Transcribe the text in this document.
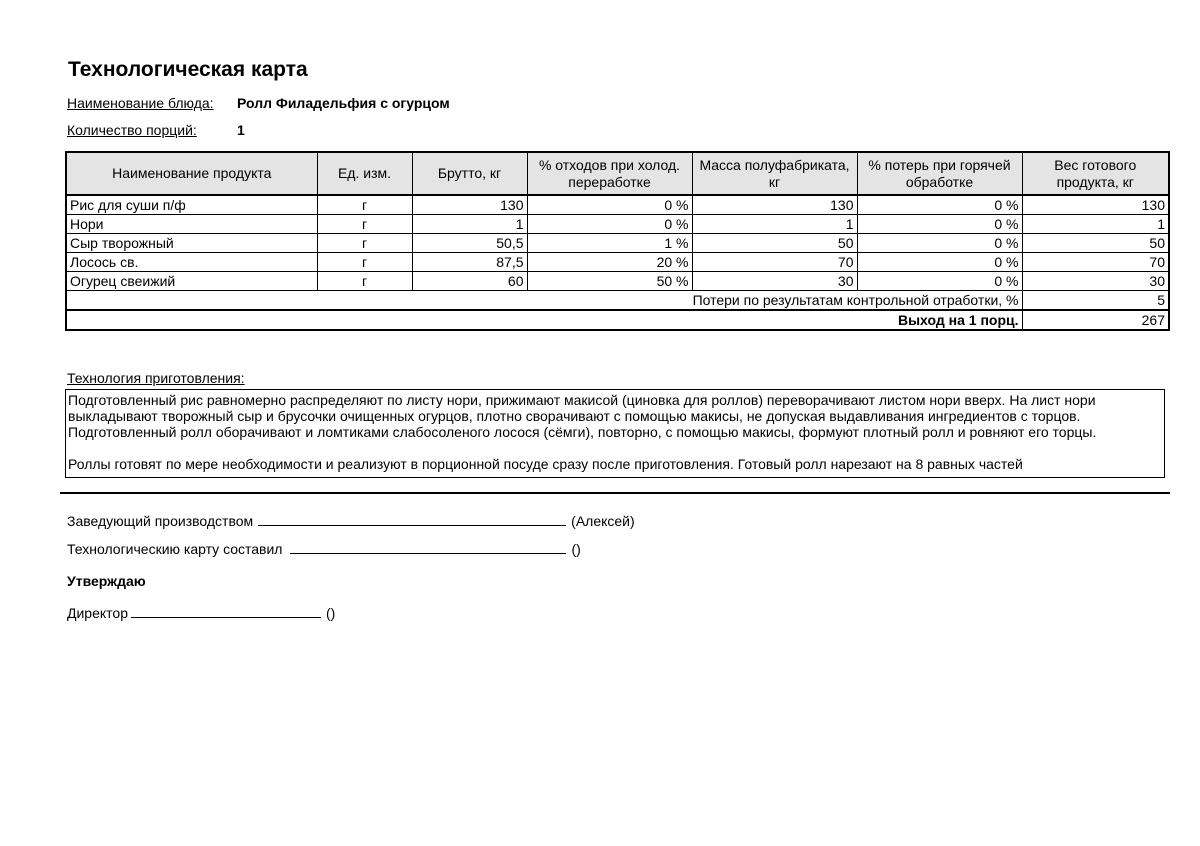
Технологическая карта
Наименование блюда: Ролл Филадельфия с огурцом
Количество порций:	1
Наименование продукта	Ед. изм.	Брутто, кг	% отходов при холод. переработке	Масса полуфабриката, кг	% потерь при горячей обработке	Вес готового продукта, кг
Рис для суши п/ф	г	130	0 %	130	0 %	130
Нори	г	1	0 %	1	0 %	1
Сыр творожный	г	50,5	1 %	50	0 %	50
Лосось св.	г	87,5	20 %	70	0 %	70
Огурец свеижий	г	60	50 %	30	0 %	30
Потери по результатам контрольной отработки, %						5
Выход на 1 порц.						267
Технология приготовления:

Подготовленный рис равномерно распределяют по листу нори, прижимают макисой (циновка для роллов) переворачивают листом нори вверх. На лист нори выкладывают творожный сыр и брусочки очищенных огурцов, плотно сворачивают с помощью макисы, не допуская выдавливания ингредиентов с торцов. Подготовленный ролл оборачивают и ломтиками слабосоленого лосося (сёмги), повторно, с помощью макисы, формуют плотный ролл и ровняют его торцы.

Роллы готовят по мере необходимости и реализуют в порционной посуде сразу после приготовления. Готовый ролл нарезают на 8 равных частей

Заведующий производством	(Алексей)
Технологическию карту составил	()
Утверждаю
Директор	()
